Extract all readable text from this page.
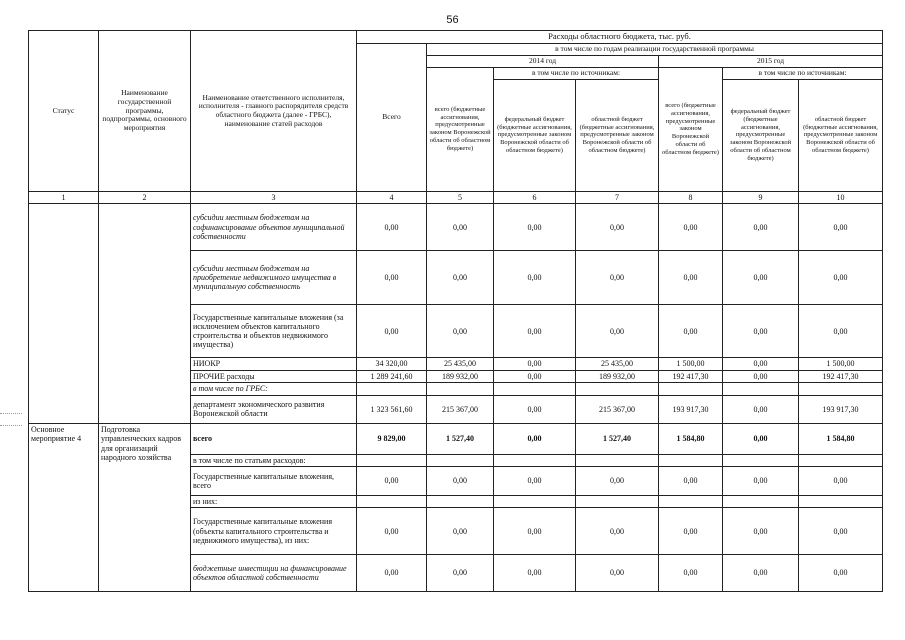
56
Статус	Наименование государственной программы, подпрограммы, основного мероприятия	Наименование ответственного исполнителя, исполнителя - главного распорядителя средств областного бюджета (далее - ГРБС), наименование статей расходов	Расходы областного бюджета, тыс. руб.						
			Всего	в том числе по годам реализации государственной программы					
				2014 год			2015 год		
				всего (бюджетные ассигнования, предусмотренные законом Воронежской области об областном бюджете)	в том числе по источникам:		всего (бюджетные ассигнования, предусмотренные законом Воронежской области об областном бюджете)	в том числе по источникам:	
					федеральный бюджет (бюджетные ассигнования, предусмотренные законом Воронежской области об областном бюджете)	областной бюджет (бюджетные ассигнования, предусмотренные законом Воронежской области об областном бюджете)		федеральный бюджет (бюджетные ассигнования, предусмотренные законом Воронежской области об областном бюджете)	областной бюджет (бюджетные ассигнования, предусмотренные законом Воронежской области об областном бюджете)
1	2	3	4	5	6	7	8	9	10
		субсидии местным бюджетам на софинансирование объектов муниципальной собственности	0,00	0,00	0,00	0,00	0,00	0,00	0,00
		субсидии местным бюджетам на приобретение недвижимого имущества в муниципальную собственность	0,00	0,00	0,00	0,00	0,00	0,00	0,00
		Государственные капитальные вложения (за исключением объектов капитального строительства и объектов недвижимого имущества)	0,00	0,00	0,00	0,00	0,00	0,00	0,00
		НИОКР	34 320,00	25 435,00	0,00	25 435,00	1 500,00	0,00	1 500,00
		ПРОЧИЕ расходы	1 289 241,60	189 932,00	0,00	189 932,00	192 417,30	0,00	192 417,30
		в том числе по ГРБС:							
		департамент экономического развития Воронежской области	1 323 561,60	215 367,00	0,00	215 367,00	193 917,30	0,00	193 917,30
Основное мероприятие 4	Подготовка управленческих кадров для организаций народного хозяйства	всего	9 829,00	1 527,40	0,00	1 527,40	1 584,80	0,00	1 584,80
		в том числе по статьям расходов:							
		Государственные капитальные вложения, всего	0,00	0,00	0,00	0,00	0,00	0,00	0,00
		из них:							
		Государственные капитальные вложения (объекты капитального строительства и недвижимого имущества), из них:	0,00	0,00	0,00	0,00	0,00	0,00	0,00
		бюджетные инвестиции на финансирование объектов областной собственности	0,00	0,00	0,00	0,00	0,00	0,00	0,00
